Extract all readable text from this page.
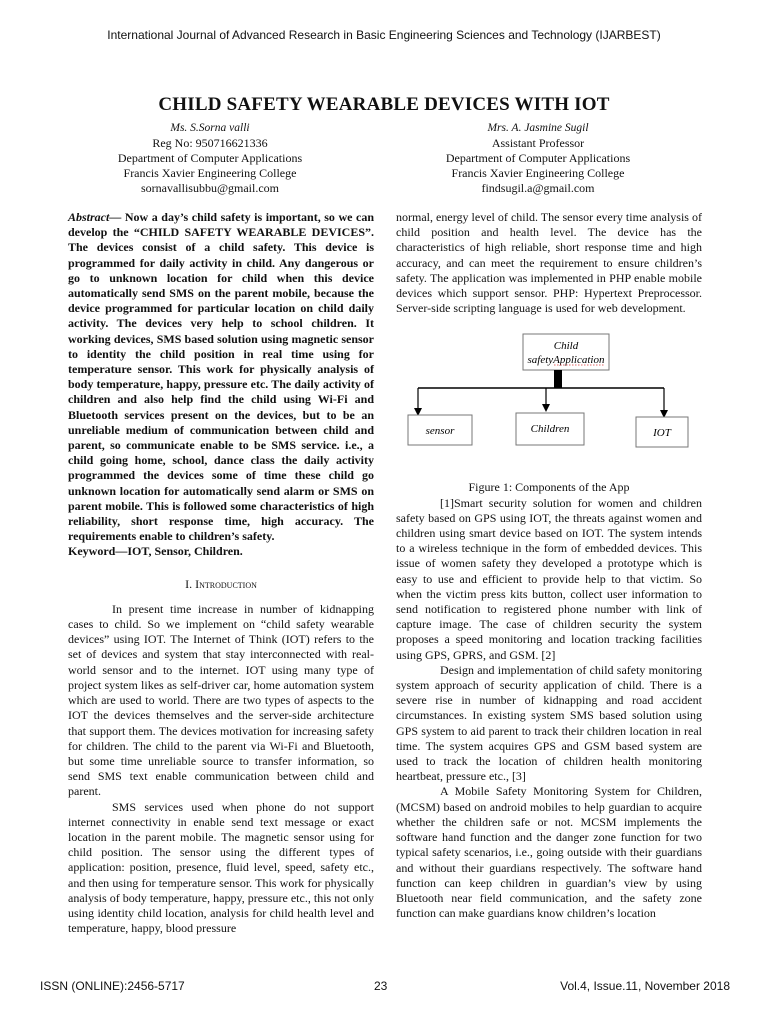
International Journal of Advanced Research in Basic Engineering Sciences and Technology (IJARBEST)
CHILD SAFETY WEARABLE DEVICES WITH IOT
Ms. S.Sorna valli
Reg No: 950716621336
Department of Computer Applications
Francis Xavier Engineering College
sornavallisubbu@gmail.com
Mrs. A. Jasmine Sugil
Assistant Professor
Department of Computer Applications
Francis Xavier Engineering College
findsugil.a@gmail.com

Abstract— Now a day’s child safety is important, so we can develop the “CHILD SAFETY WEARABLE DEVICES”. The devices consist of a child safety. This device is programmed for daily activity in child. Any dangerous or go to unknown location for child when this device automatically send SMS on the parent mobile, because the device programmed for particular location on child daily activity. The devices very help to school children. It working devices, SMS based solution using magnetic sensor to identity the child position in real time using for temperature sensor. This work for physically analysis of body temperature, happy, pressure etc. The daily activity of children and also help find the child using Wi-Fi and Bluetooth services present on the devices, but to be an unreliable medium of communication between child and parent, so communicate enable to be SMS service. i.e., a child going home, school, dance class the daily activity programmed the devices some of time these child go unknown location for automatically send alarm or SMS on parent mobile. This is followed some characteristics of high reliability, short response time, high accuracy. The requirements enable to children’s safety.

Keyword—IOT, Sensor, Children.

I. Introduction

In present time increase in number of kidnapping cases to child. So we implement on “child safety wearable devices” using IOT. The Internet of Think (IOT) refers to the set of devices and system that stay interconnected with real-world sensor and to the internet. IOT using many type of project system likes as self-driver car, home automation system which are used to world. There are two types of aspects to the IOT the devices themselves and the server-side architecture that support them. The devices motivation for increasing safety for children. The child to the parent via Wi-Fi and Bluetooth, but some time unreliable source to transfer information, so send SMS text enable communication between child and parent.

SMS services used when phone do not support internet connectivity in enable send text message or exact location in the parent mobile. The magnetic sensor using for child position. The sensor using the different types of application: position, presence, fluid level, speed, safety etc., and then using for temperature sensor. This work for physically analysis of body temperature, happy, pressure etc., this not only using identity child location, analysis for child health level and temperature, happy, blood pressure

normal, energy level of child. The sensor every time analysis of child position and health level. The device has the characteristics of high reliable, short response time and high accuracy, and can meet the requirement to ensure children’s safety. The application was implemented in PHP enable mobile devices which support sensor. PHP: Hypertext Preprocessor. Server-side scripting language is used for web development.

Child
safetyApplication
sensor	Children	IOT
Figure 1: Components of the App

[1]Smart security solution for women and children safety based on GPS using IOT, the threats against women and children using smart device based on IOT. The system intends to a wireless technique in the form of embedded devices. This issue of women safety they developed a prototype which is easy to use and efficient to provide help to that victim. So when the victim press kits button, collect user information to send notification to registered phone number with link of capture image. The case of children security the system proposes a speed monitoring and location tracking facilities using GPS, GPRS, and GSM. [2]

Design and implementation of child safety monitoring system approach of security application of child. There is a severe rise in number of kidnapping and road accident circumstances. In existing system SMS based solution using GPS system to aid parent to track their children location in real time. The system acquires GPS and GSM based system are used to track the location of children health monitoring heartbeat, pressure etc., [3]

A Mobile Safety Monitoring System for Children, (MCSM) based on android mobiles to help guardian to acquire whether the children safe or not. MCSM implements the software hand function and the danger zone function for two typical safety scenarios, i.e., going outside with their guardians and without their guardians respectively. The software hand function can keep children in guardian’s view by using Bluetooth near field communication, and the safety zone function can make guardians know children’s location

ISSN (ONLINE):2456-5717	23	Vol.4, Issue.11, November 2018
